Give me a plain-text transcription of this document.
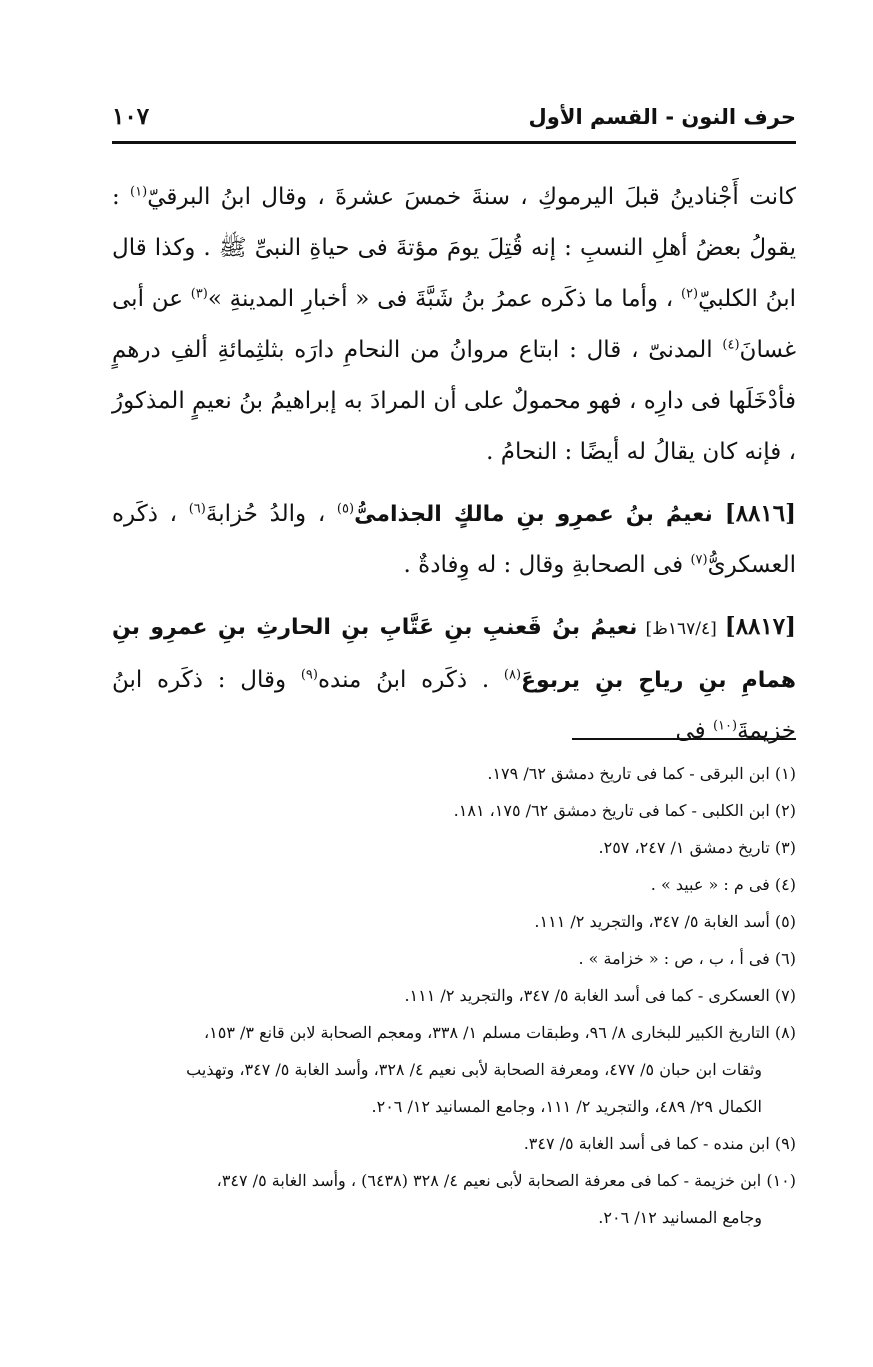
حرف النون - القسم الأول
١٠٧

كانت أَجْنادينُ قبلَ اليرموكِ ، سنةَ خمسَ عشرةَ ، وقال ابنُ البرقيّ$^{(١)}$ : يقولُ بعضُ أهلِ النسبِ : إنه قُتِلَ يومَ مؤتةَ فى حياةِ النبىِّ ﷺ . وكذا قال ابنُ الكلبيّ$^{(٢)}$ ، وأما ما ذكَره عمرُ بنُ شَبَّةَ فى « أخبارِ المدينةِ »$^{(٣)}$ عن أبى غسانَ$^{(٤)}$ المدنىّ ، قال : ابتاع مروانُ من النحامِ دارَه بثلثِمائةِ ألفِ درهمٍ فأدْخَلَها فى دارِه ، فهو محمولٌ على أن المرادَ به إبراهيمُ بنُ نعيمٍ المذكورُ ، فإنه كان يقالُ له أيضًا : النحامُ .

[٨٨١٦] نعيمُ بنُ عمرِو بنِ مالكٍ الجذامىُّ$^{(٥)}$ ، والدُ حُزابةَ$^{(٦)}$ ، ذكَره العسكرىُّ$^{(٧)}$ فى الصحابةِ وقال : له وِفادةٌ .

[٨٨١٧] [١٦٧/٤ظ] نعيمُ بنُ قَعنبِ بنِ عَتَّابِ بنِ الحارثِ بنِ عمرِو بنِ همامِ بنِ رياحِ بنِ يربوعَ$^{(٨)}$ . ذكَره ابنُ منده$^{(٩)}$ وقال : ذكَره ابنُ خزيمةَ$^{(١٠)}$ فى

(١) ابن البرقى - كما فى تاريخ دمشق ٦٢/ ١٧٩.

(٢) ابن الكلبى - كما فى تاريخ دمشق ٦٢/ ١٧٥، ١٨١.

(٣) تاريخ دمشق ١/ ٢٤٧، ٢٥٧.

(٤) فى م : « عبيد » .

(٥) أسد الغابة ٥/ ٣٤٧، والتجريد ٢/ ١١١.

(٦) فى أ ، ب ، ص : « خزامة » .

(٧) العسكرى - كما فى أسد الغابة ٥/ ٣٤٧، والتجريد ٢/ ١١١.

(٨) التاريخ الكبير للبخارى ٨/ ٩٦، وطبقات مسلم ١/ ٣٣٨، ومعجم الصحابة لابن قانع ٣/ ١٥٣،

وثقات ابن حبان ٥/ ٤٧٧، ومعرفة الصحابة لأبى نعيم ٤/ ٣٢٨، وأسد الغابة ٥/ ٣٤٧، وتهذيب

الكمال ٢٩/ ٤٨٩، والتجريد ٢/ ١١١، وجامع المسانيد ١٢/ ٢٠٦.

(٩) ابن منده - كما فى أسد الغابة ٥/ ٣٤٧.

(١٠) ابن خزيمة - كما فى معرفة الصحابة لأبى نعيم ٤/ ٣٢٨ (٦٤٣٨) ، وأسد الغابة ٥/ ٣٤٧،

وجامع المسانيد ١٢/ ٢٠٦.
